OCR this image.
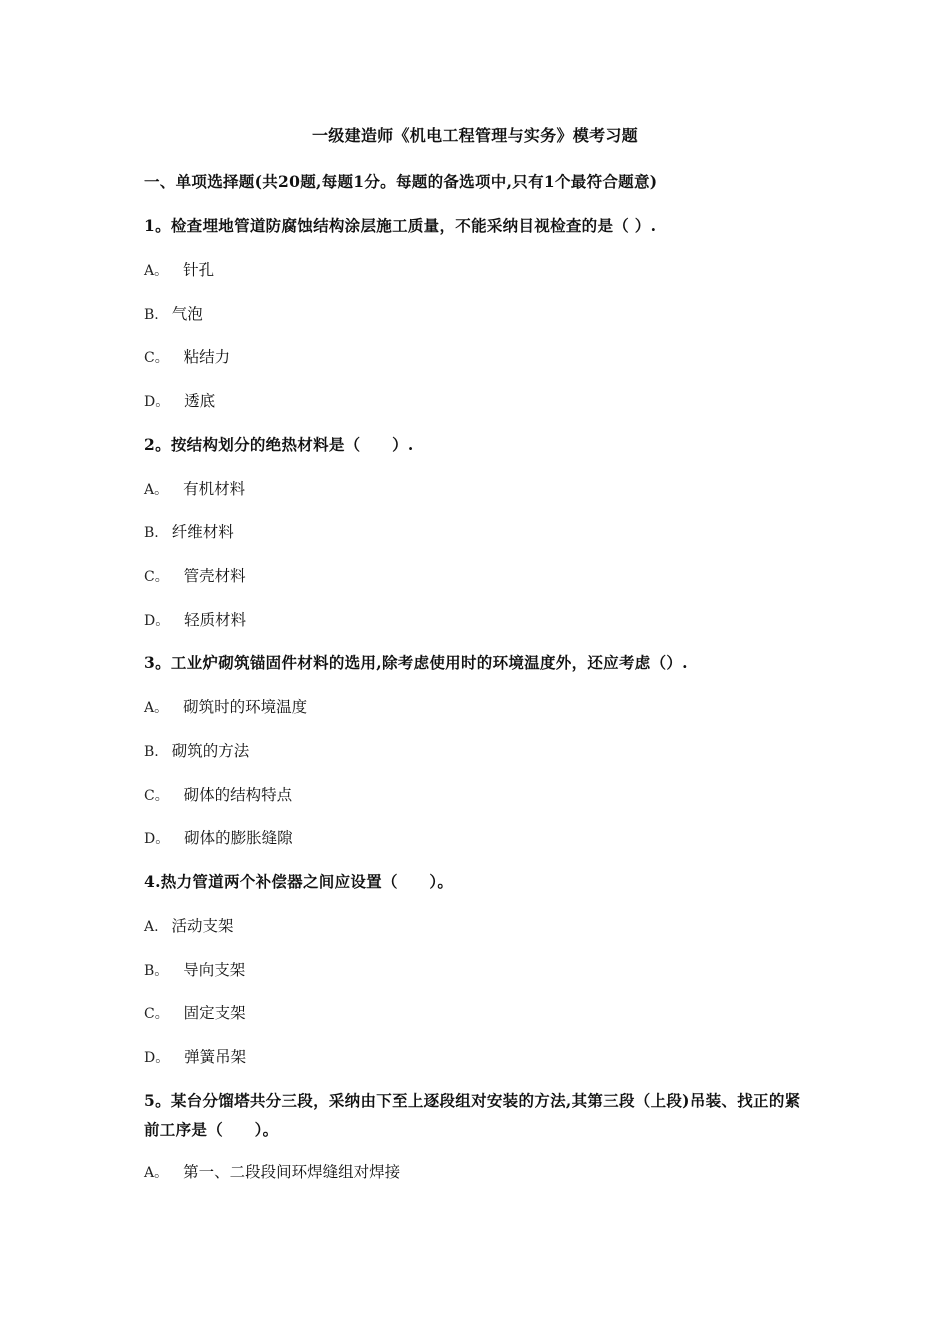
一级建造师《机电工程管理与实务》模考习题
一、单项选择题(共20题,每题1分。每题的备选项中,只有1个最符合题意)
1。检查埋地管道防腐蚀结构涂层施工质量，不能采纳目视检查的是（ ）.
A。 针孔
B. 气泡
C。 粘结力
D。 透底
2。按结构划分的绝热材料是（　　）.
A。 有机材料
B. 纤维材料
C。 管壳材料
D。 轻质材料
3。工业炉砌筑锚固件材料的选用,除考虑使用时的环境温度外，还应考虑（）.
A。 砌筑时的环境温度
B. 砌筑的方法
C。 砌体的结构特点
D。 砌体的膨胀缝隙
4.热力管道两个补偿器之间应设置（　　）。
A. 活动支架
B。 导向支架
C。 固定支架
D。 弹簧吊架
5。某台分馏塔共分三段，采纳由下至上逐段组对安装的方法,其第三段（上段)吊装、找正的紧前工序是（　　）。
A。 第一、二段段间环焊缝组对焊接
